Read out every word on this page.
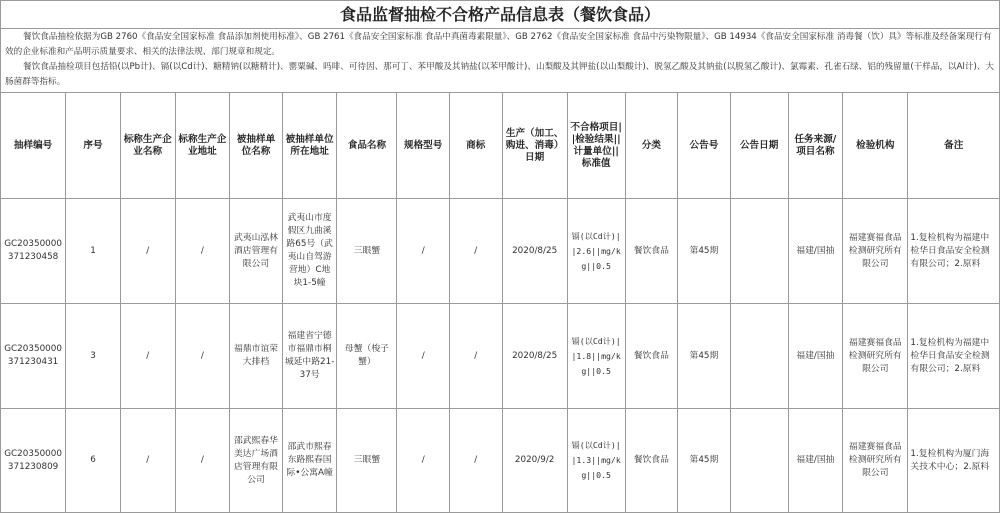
食品监督抽检不合格产品信息表（餐饮食品）

餐饮食品抽检依据为GB 2760《食品安全国家标准 食品添加剂使用标准》、GB 2761《食品安全国家标准 食品中真菌毒素限量》、GB 2762《食品安全国家标准 食品中污染物限量》、GB 14934《食品安全国家标准 消毒餐（饮）具》等标准及经备案现行有效的企业标准和产品明示质量要求、相关的法律法规、部门规章和规定。

餐饮食品抽检项目包括铅(以Pb计)、镉(以Cd计)、糖精钠(以糖精计)、罂粟碱、吗啡、可待因、那可丁、苯甲酸及其钠盐(以苯甲酸计)、山梨酸及其钾盐(以山梨酸计)、脱氢乙酸及其钠盐(以脱氢乙酸计)、氯霉素、孔雀石绿、铝的残留量(干样品，以Al计)、大肠菌群等指标。

抽样编号	序号	标称生产企业名称	标称生产企业地址	被抽样单位名称	被抽样单位所在地址	食品名称	规格型号	商标	生产（加工、购进、消毒）日期	不合格项目||检验结果||计量单位||标准值	分类	公告号	公告日期	任务来源/项目名称	检验机构	备注
GC20350000371230458	1	/	/	武夷山泓林酒店管理有限公司	武夷山市度假区九曲溪路65号（武夷山自驾游营地）C地块1-5幢	三眼蟹	/	/	2020/8/25	镉(以Cd计)||2.6||mg/kg||0.5	餐饮食品	第45期		福建/国抽	福建赛福食品检测研究所有限公司	1.复检机构为福建中检华日食品安全检测有限公司；2.原料
GC20350000371230431	3	/	/	福鼎市谊荣大排档	福建省宁德市福鼎市桐城延中路21-37号	母蟹（梭子蟹）	/	/	2020/8/25	镉(以Cd计)||1.8||mg/kg||0.5	餐饮食品	第45期		福建/国抽	福建赛福食品检测研究所有限公司	1.复检机构为福建中检华日食品安全检测有限公司；2.原料
GC20350000371230809	6	/	/	邵武熙春华美达广场酒店管理有限公司	邵武市熙春东路熙春国际•公寓A幢	三眼蟹	/	/	2020/9/2	镉(以Cd计)||1.3||mg/kg||0.5	餐饮食品	第45期		福建/国抽	福建赛福食品检测研究所有限公司	1.复检机构为厦门海关技术中心；2.原料
